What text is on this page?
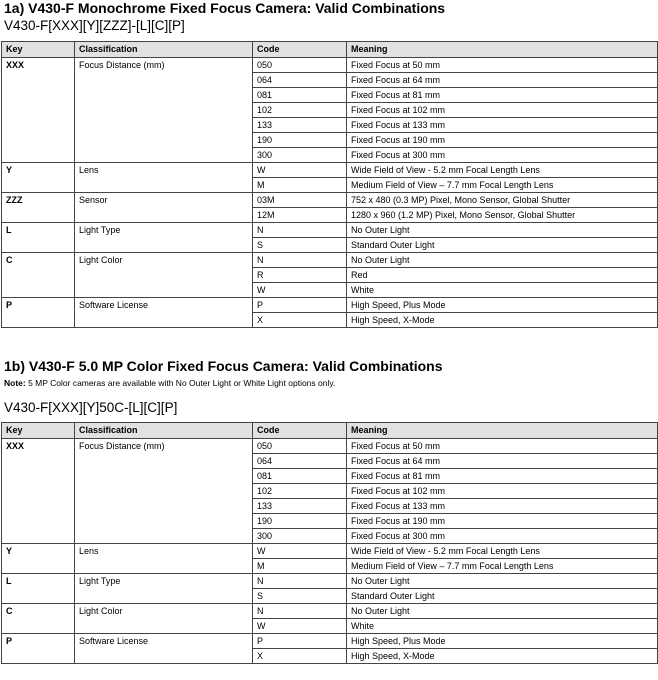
1a) V430-F Monochrome Fixed Focus Camera: Valid Combinations
V430-F[XXX][Y][ZZZ]-[L][C][P]
Key	Classification	Code	Meaning
XXX	Focus Distance (mm)	050	Fixed Focus at 50 mm
		064	Fixed Focus at 64 mm
		081	Fixed Focus at 81 mm
		102	Fixed Focus at 102 mm
		133	Fixed Focus at 133 mm
		190	Fixed Focus at 190 mm
		300	Fixed Focus at 300 mm
Y	Lens	W	Wide Field of View - 5.2 mm Focal Length Lens
		M	Medium Field of View – 7.7 mm Focal Length Lens
ZZZ	Sensor	03M	752 x 480 (0.3 MP) Pixel, Mono Sensor, Global Shutter
		12M	1280 x 960 (1.2 MP) Pixel, Mono Sensor, Global Shutter
L	Light Type	N	No Outer Light
		S	Standard Outer Light
C	Light Color	N	No Outer Light
		R	Red
		W	White
P	Software License	P	High Speed, Plus Mode
		X	High Speed, X-Mode
1b) V430-F 5.0 MP Color Fixed Focus Camera: Valid Combinations
Note: 5 MP Color cameras are available with No Outer Light or White Light options only.
V430-F[XXX][Y]50C-[L][C][P]
Key	Classification	Code	Meaning
XXX	Focus Distance (mm)	050	Fixed Focus at 50 mm
		064	Fixed Focus at 64 mm
		081	Fixed Focus at 81 mm
		102	Fixed Focus at 102 mm
		133	Fixed Focus at 133 mm
		190	Fixed Focus at 190 mm
		300	Fixed Focus at 300 mm
Y	Lens	W	Wide Field of View - 5.2 mm Focal Length Lens
		M	Medium Field of View – 7.7 mm Focal Length Lens
L	Light Type	N	No Outer Light
		S	Standard Outer Light
C	Light Color	N	No Outer Light
		W	White
P	Software License	P	High Speed, Plus Mode
		X	High Speed, X-Mode
